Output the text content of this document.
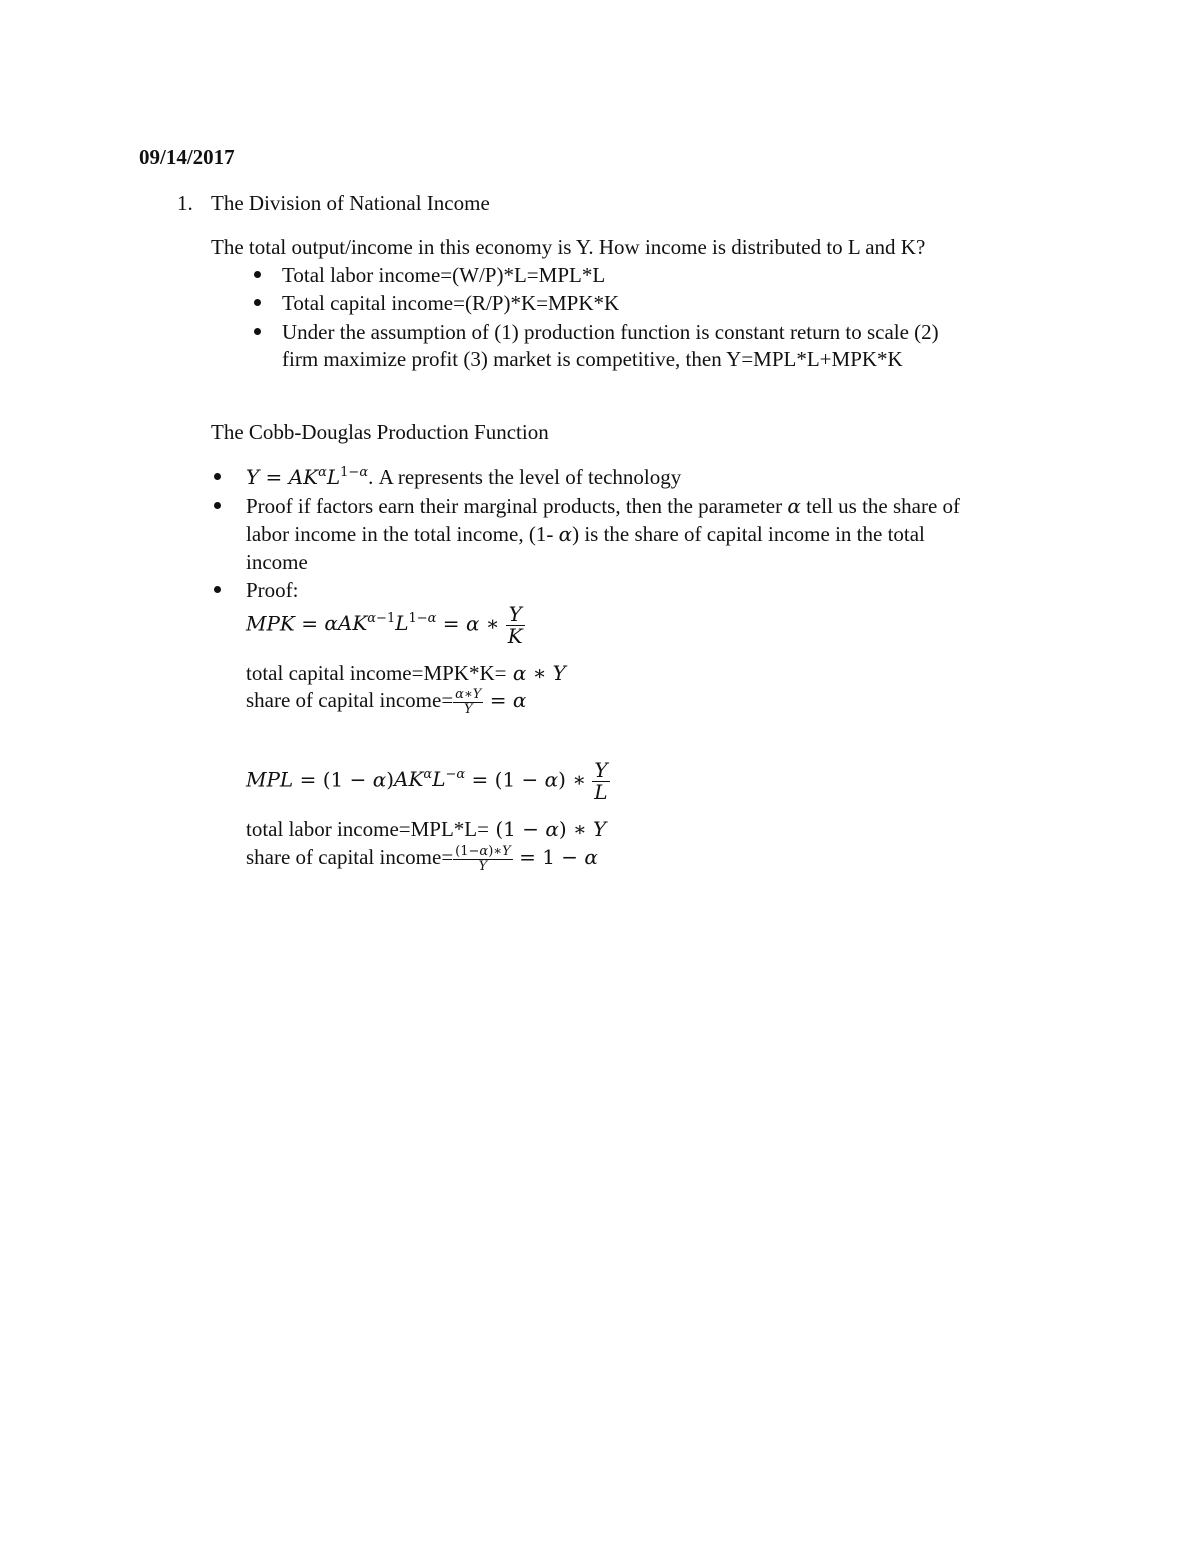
09/14/2017
1. The Division of National Income
The total output/income in this economy is Y. How income is distributed to L and K?
Total labor income=(W/P)*L=MPL*L
Total capital income=(R/P)*K=MPK*K
Under the assumption of (1) production function is constant return to scale (2)
firm maximize profit (3) market is competitive, then Y=MPL*L+MPK*K
The Cobb-Douglas Production Function
$Y = AK^\alpha L^{1-\alpha}$. A represents the level of technology
Proof if factors earn their marginal products, then the parameter α tell us the share of
labor income in the total income, (1- α) is the share of capital income in the total
income
Proof:
MPK = $\alpha AK^{\alpha-1}L^{1-\alpha} = \alpha$ ∗ $\frac{Y}{K}$
total capital income=MPK*K= α ∗ Y
share of capital income= $\frac{\alpha∗Y}{Y} = \alpha$
MPL = $(1 - \alpha)AK^\alpha L^{-\alpha} = (1 - \alpha)$ ∗ $\frac{Y}{L}$
total labor income=MPL*L= (1 − α) ∗ Y
share of capital income= $\frac{(1-\alpha)∗Y}{Y} = 1 - \alpha$
